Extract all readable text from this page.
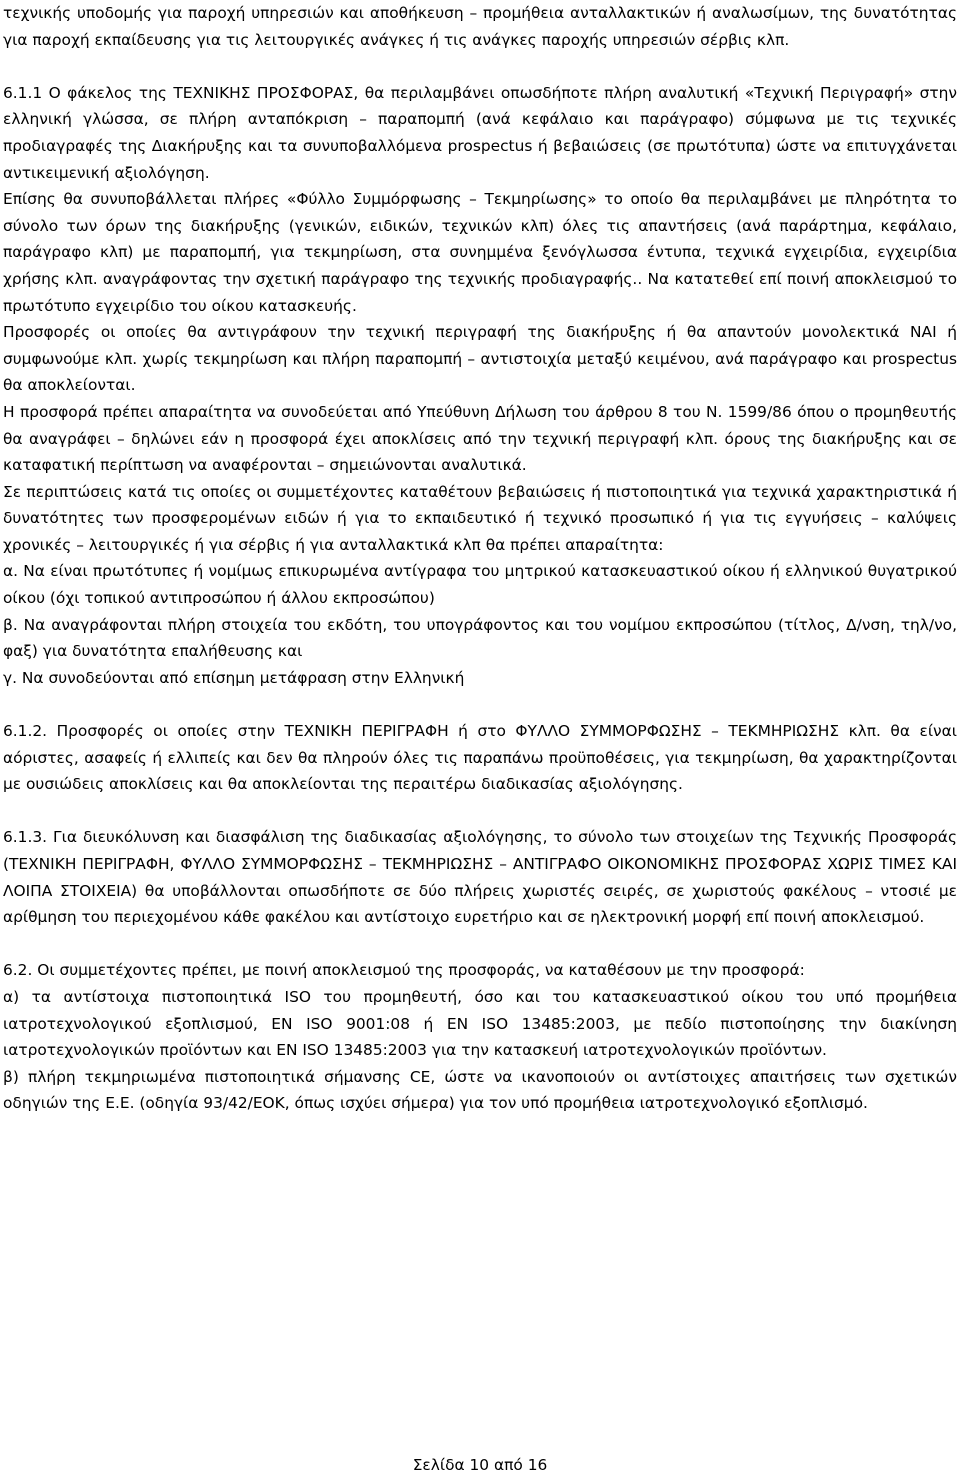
τεχνικής υποδομής για παροχή υπηρεσιών και αποθήκευση – προμήθεια ανταλλακτικών ή αναλωσίμων, της δυνατότητας για παροχή εκπαίδευσης για τις λειτουργικές ανάγκες ή τις ανάγκες παροχής υπηρεσιών σέρβις κλπ.

6.1.1 Ο φάκελος της ΤΕΧΝΙΚΗΣ ΠΡΟΣΦΟΡΑΣ, θα περιλαμβάνει οπωσδήποτε πλήρη αναλυτική «Τεχνική Περιγραφή» στην ελληνική γλώσσα, σε πλήρη ανταπόκριση – παραπομπή (ανά κεφάλαιο και παράγραφο) σύμφωνα με τις τεχνικές προδιαγραφές της Διακήρυξης και τα συνυποβαλλόμενα prospectus ή βεβαιώσεις (σε πρωτότυπα) ώστε να επιτυγχάνεται αντικειμενική αξιολόγηση.

Επίσης θα συνυποβάλλεται πλήρες «Φύλλο Συμμόρφωσης – Τεκμηρίωσης» το οποίο θα περιλαμβάνει με πληρότητα το σύνολο των όρων της διακήρυξης (γενικών, ειδικών, τεχνικών κλπ) όλες τις απαντήσεις (ανά παράρτημα, κεφάλαιο, παράγραφο κλπ) με παραπομπή, για τεκμηρίωση, στα συνημμένα ξενόγλωσσα έντυπα, τεχνικά εγχειρίδια, εγχειρίδια χρήσης κλπ. αναγράφοντας την σχετική παράγραφο της τεχνικής προδιαγραφής.. Να κατατεθεί επί ποινή αποκλεισμού το πρωτότυπο εγχειρίδιο του οίκου κατασκευής.

Προσφορές οι οποίες θα αντιγράφουν την τεχνική περιγραφή της διακήρυξης ή θα απαντούν μονολεκτικά ΝΑΙ ή συμφωνούμε κλπ. χωρίς τεκμηρίωση και πλήρη παραπομπή – αντιστοιχία μεταξύ κειμένου, ανά παράγραφο και prospectus θα αποκλείονται.

Η προσφορά πρέπει απαραίτητα να συνοδεύεται από Υπεύθυνη Δήλωση του άρθρου 8 του Ν. 1599/86 όπου ο προμηθευτής θα αναγράφει – δηλώνει εάν η προσφορά έχει αποκλίσεις από την τεχνική περιγραφή κλπ. όρους της διακήρυξης και σε καταφατική περίπτωση να αναφέρονται – σημειώνονται αναλυτικά.

Σε περιπτώσεις κατά τις οποίες οι συμμετέχοντες καταθέτουν βεβαιώσεις ή πιστοποιητικά για τεχνικά χαρακτηριστικά ή δυνατότητες των προσφερομένων ειδών ή για το εκπαιδευτικό ή τεχνικό προσωπικό ή για τις εγγυήσεις – καλύψεις χρονικές – λειτουργικές ή για σέρβις ή για ανταλλακτικά κλπ θα πρέπει απαραίτητα:

α. Να είναι πρωτότυπες ή νομίμως επικυρωμένα αντίγραφα του μητρικού κατασκευαστικού οίκου ή ελληνικού θυγατρικού οίκου (όχι τοπικού αντιπροσώπου ή άλλου εκπροσώπου)

β. Να αναγράφονται πλήρη στοιχεία του εκδότη, του υπογράφοντος και του νομίμου εκπροσώπου (τίτλος, Δ/νση, τηλ/νο, φαξ) για δυνατότητα επαλήθευσης και

γ. Να συνοδεύονται από επίσημη μετάφραση στην Ελληνική

6.1.2. Προσφορές οι οποίες στην ΤΕΧΝΙΚΗ ΠΕΡΙΓΡΑΦΗ ή στο ΦΥΛΛΟ ΣΥΜΜΟΡΦΩΣΗΣ – ΤΕΚΜΗΡΙΩΣΗΣ κλπ. θα είναι αόριστες, ασαφείς ή ελλιπείς και δεν θα πληρούν όλες τις παραπάνω προϋποθέσεις, για τεκμηρίωση, θα χαρακτηρίζονται με ουσιώδεις αποκλίσεις και θα αποκλείονται της περαιτέρω διαδικασίας αξιολόγησης.

6.1.3. Για διευκόλυνση και διασφάλιση της διαδικασίας αξιολόγησης, το σύνολο των στοιχείων της Τεχνικής Προσφοράς (ΤΕΧΝΙΚΗ ΠΕΡΙΓΡΑΦΗ, ΦΥΛΛΟ ΣΥΜΜΟΡΦΩΣΗΣ – ΤΕΚΜΗΡΙΩΣΗΣ – ΑΝΤΙΓΡΑΦΟ ΟΙΚΟΝΟΜΙΚΗΣ ΠΡΟΣΦΟΡΑΣ ΧΩΡΙΣ ΤΙΜΕΣ ΚΑΙ ΛΟΙΠΑ ΣΤΟΙΧΕΙΑ) θα υποβάλλονται οπωσδήποτε σε δύο πλήρεις χωριστές σειρές, σε χωριστούς φακέλους – ντοσιέ με αρίθμηση του περιεχομένου κάθε φακέλου και αντίστοιχο ευρετήριο και σε ηλεκτρονική μορφή επί ποινή αποκλεισμού.

6.2. Οι συμμετέχοντες πρέπει, με ποινή αποκλεισμού της προσφοράς, να καταθέσουν με την προσφορά:

α) τα αντίστοιχα πιστοποιητικά ISO του προμηθευτή, όσο και του κατασκευαστικού οίκου του υπό προμήθεια ιατροτεχνολογικού εξοπλισμού, EN ISO 9001:08 ή EN ISO 13485:2003, με πεδίο πιστοποίησης την διακίνηση ιατροτεχνολογικών προϊόντων και EN ISO 13485:2003 για την κατασκευή ιατροτεχνολογικών προϊόντων.

β) πλήρη τεκμηριωμένα πιστοποιητικά σήμανσης CE, ώστε να ικανοποιούν οι αντίστοιχες απαιτήσεις των σχετικών οδηγιών της Ε.Ε. (οδηγία 93/42/ΕΟΚ, όπως ισχύει σήμερα) για τον υπό προμήθεια ιατροτεχνολογικό εξοπλισμό.

Σελίδα 10 από 16
